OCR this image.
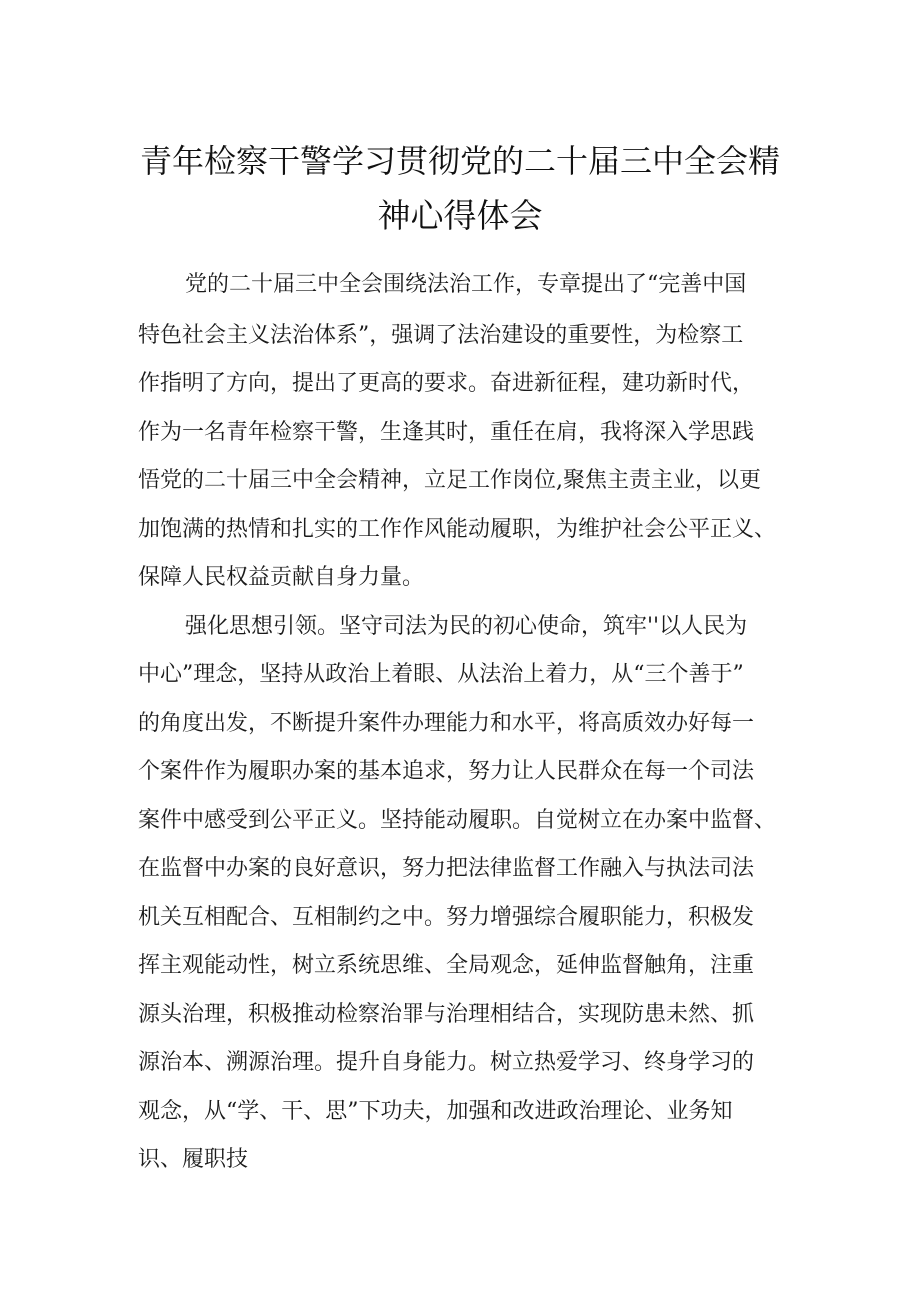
青年检察干警学习贯彻党的二十届三中全会精
神心得体会
党的二十届三中全会围绕法治工作，专章提出了“完善中国
特色社会主义法治体系”，强调了法治建设的重要性，为检察工
作指明了方向，提出了更高的要求。奋进新征程，建功新时代，
作为一名青年检察干警，生逢其时，重任在肩，我将深入学思践
悟党的二十届三中全会精神，立足工作岗位,聚焦主责主业，以更
加饱满的热情和扎实的工作作风能动履职，为维护社会公平正义、
保障人民权益贡献自身力量。
强化思想引领。坚守司法为民的初心使命，筑牢''以人民为
中心”理念，坚持从政治上着眼、从法治上着力，从“三个善于”
的角度出发，不断提升案件办理能力和水平，将高质效办好每一
个案件作为履职办案的基本追求，努力让人民群众在每一个司法
案件中感受到公平正义。坚持能动履职。自觉树立在办案中监督、
在监督中办案的良好意识，努力把法律监督工作融入与执法司法
机关互相配合、互相制约之中。努力增强综合履职能力，积极发
挥主观能动性，树立系统思维、全局观念，延伸监督触角，注重
源头治理，积极推动检察治罪与治理相结合，实现防患未然、抓
源治本、溯源治理。提升自身能力。树立热爱学习、终身学习的
观念，从“学、干、思”下功夫，加强和改进政治理论、业务知
识、履职技
